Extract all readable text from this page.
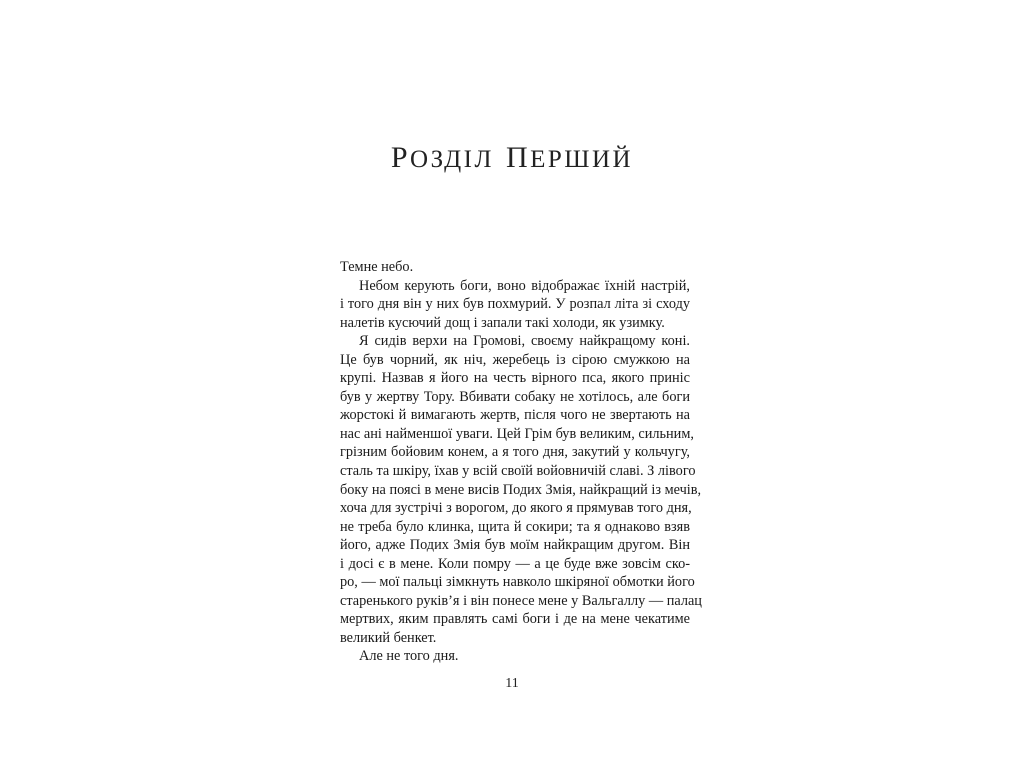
РОЗДІЛ ПЕРШИЙ
Темне небо.
Небом керують боги, воно відображає їхній настрій,
і того дня він у них був похмурий. У розпал літа зі сходу
налетів кусючий дощ і запали такі холоди, як узимку.
Я сидів верхи на Громові, своєму найкращому коні.
Це був чорний, як ніч, жеребець із сірою смужкою на
крупі. Назвав я його на честь вірного пса, якого приніс
був у жертву Тору. Вбивати собаку не хотілось, але боги
жорстокі й вимагають жертв, після чого не звертають на
нас ані найменшої уваги. Цей Грім був великим, сильним,
грізним бойовим конем, а я того дня, закутий у кольчугу,
сталь та шкіру, їхав у всій своїй войовничій славі. З лівого
боку на поясі в мене висів Подих Змія, найкращий із мечів,
хоча для зустрічі з ворогом, до якого я прямував того дня,
не треба було клинка, щита й сокири; та я однаково взяв
його, адже Подих Змія був моїм найкращим другом. Він
і досі є в мене. Коли помру — а це буде вже зовсім ско-
ро, — мої пальці зімкнуть навколо шкіряної обмотки його
старенького руків’я і він понесе мене у Вальгаллу — палац
мертвих, яким правлять самі боги і де на мене чекатиме
великий бенкет.
Але не того дня.
11
